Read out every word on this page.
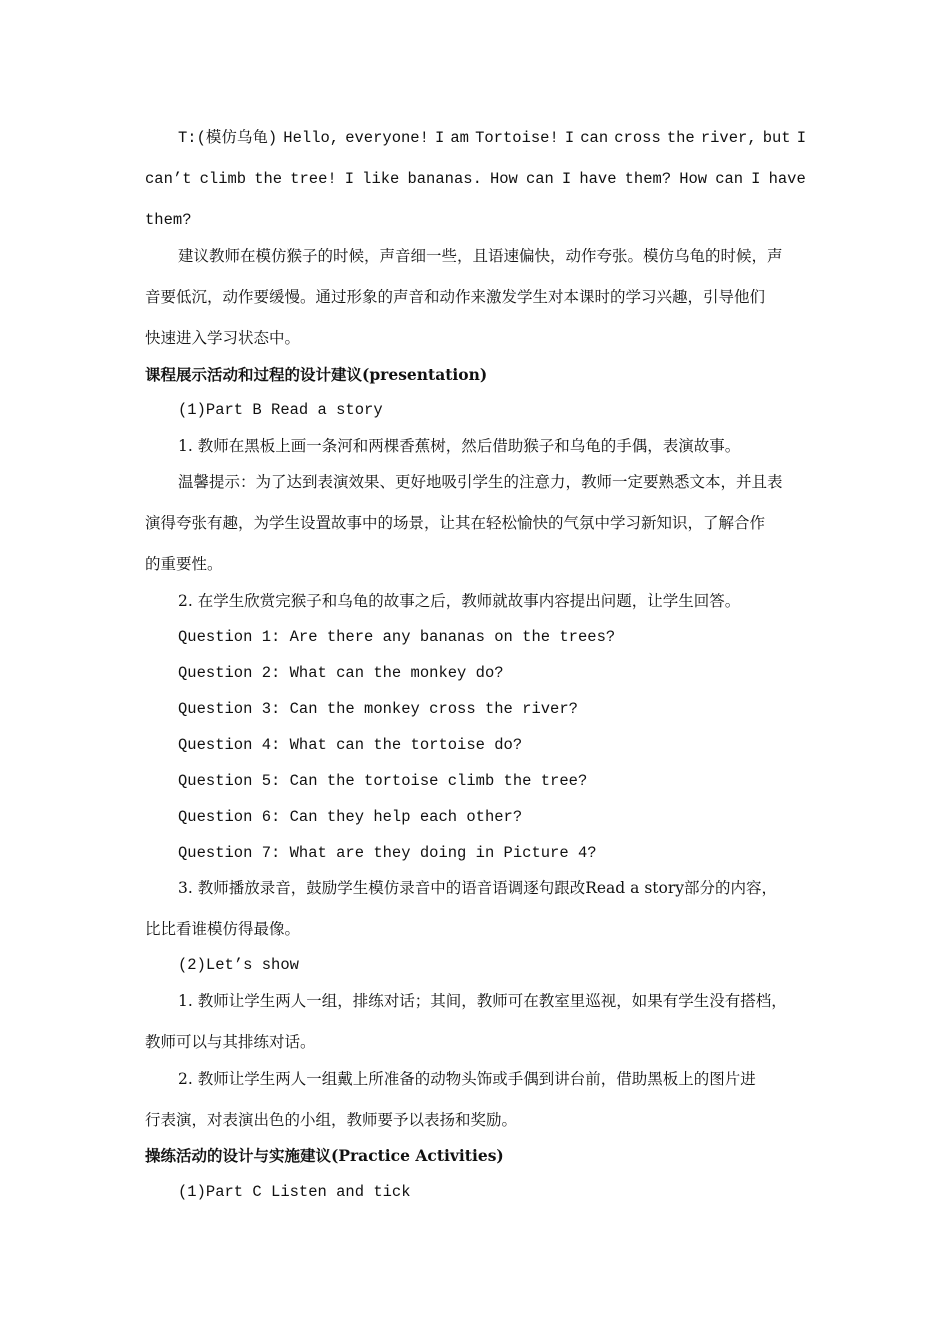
T:(模仿乌龟) Hello, everyone! I am Tortoise! I can cross the river, but I
can’t climb the tree! I like bananas. How can I have them? How can I have
them?
建议教师在模仿猴子的时候，声音细一些，且语速偏快，动作夸张。模仿乌龟的时候，声
音要低沉，动作要缓慢。通过形象的声音和动作来激发学生对本课时的学习兴趣，引导他们
快速进入学习状态中。
课程展示活动和过程的设计建议(presentation)
(1)Part B Read a story
1. 教师在黑板上画一条河和两棵香蕉树，然后借助猴子和乌龟的手偶，表演故事。
温馨提示：为了达到表演效果、更好地吸引学生的注意力，教师一定要熟悉文本，并且表
演得夸张有趣，为学生设置故事中的场景，让其在轻松愉快的气氛中学习新知识，了解合作
的重要性。
2. 在学生欣赏完猴子和乌龟的故事之后，教师就故事内容提出问题，让学生回答。
Question 1: Are there any bananas on the trees?
Question 2: What can the monkey do?
Question 3: Can the monkey cross the river?
Question 4: What can the tortoise do?
Question 5: Can the tortoise climb the tree?
Question 6: Can they help each other?
Question 7: What are they doing in Picture 4?
3. 教师播放录音，鼓励学生模仿录音中的语音语调逐句跟改Read a story部分的内容，
比比看谁模仿得最像。
(2)Let’s show
1. 教师让学生两人一组，排练对话；其间，教师可在教室里巡视，如果有学生没有搭档，
教师可以与其排练对话。
2. 教师让学生两人一组戴上所准备的动物头饰或手偶到讲台前，借助黑板上的图片进
行表演，对表演出色的小组，教师要予以表扬和奖励。
操练活动的设计与实施建议(Practice Activities)
(1)Part C Listen and tick
